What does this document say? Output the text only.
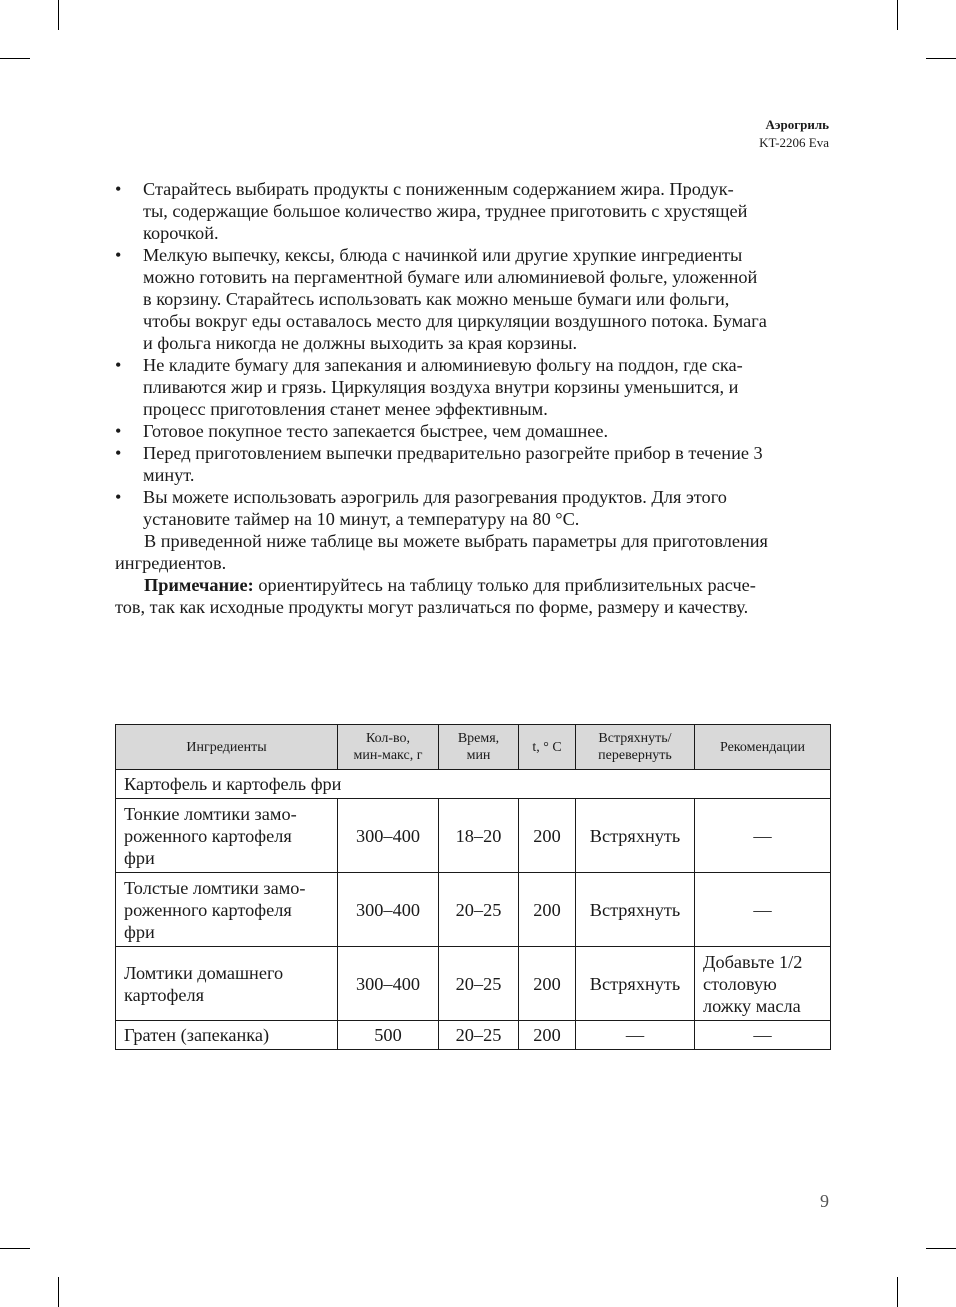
Аэрогриль
KT-2206 Eva
• Старайтесь выбирать продукты с пониженным содержанием жира. Продук-
ты, содержащие большое количество жира, труднее приготовить с хрустящей
корочкой.
• Мелкую выпечку, кексы, блюда с начинкой или другие хрупкие ингредиенты
можно готовить на пергаментной бумаге или алюминиевой фольге, уложенной
в корзину. Старайтесь использовать как можно меньше бумаги или фольги,
чтобы вокруг еды оставалось место для циркуляции воздушного потока. Бумага
и фольга никогда не должны выходить за края корзины.
• Не кладите бумагу для запекания и алюминиевую фольгу на поддон, где ска-
пливаются жир и грязь. Циркуляция воздуха внутри корзины уменьшится, и
процесс приготовления станет менее эффективным.
• Готовое покупное тесто запекается быстрее, чем домашнее.
• Перед приготовлением выпечки предварительно разогрейте прибор в течение 3
минут.
• Вы можете использовать аэрогриль для разогревания продуктов. Для этого
установите таймер на 10 минут, а температуру на 80 °C.

В приведенной ниже таблице вы можете выбрать параметры для приготовления
ингредиентов.

Примечание: ориентируйтесь на таблицу только для приблизительных расче-
тов, так как исходные продукты могут различаться по форме, размеру и качеству.

Ингредиенты	Кол-во,
мин-макс, г	Время,
мин	t, ° C	Встряхнуть/
перевернуть	Рекомендации
Картофель и картофель фри					
Тонкие ломтики замо-
роженного картофеля
фри	300–400	18–20	200	Встряхнуть	—
Толстые ломтики замо-
роженного картофеля
фри	300–400	20–25	200	Встряхнуть	—
Ломтики домашнего
картофеля	300–400	20–25	200	Встряхнуть	Добавьте 1/2
столовую
ложку масла
Гратен (запеканка)	500	20–25	200	—	—
9
